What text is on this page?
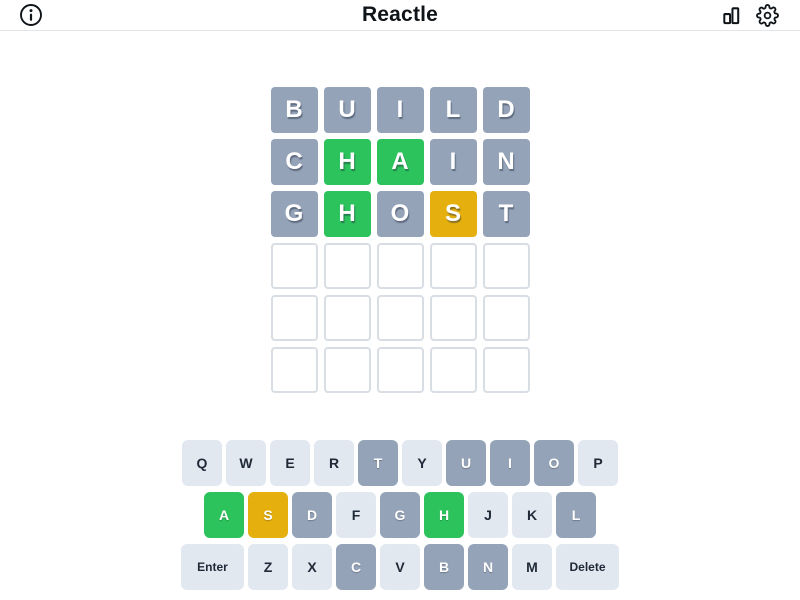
Reactle
B	U	I	L	D
C	H	A	I	N
G	H	O	S	T
Q	W	E	R	T	Y	U	I	O	P
A	S	D	F	G	H	J	K	L
Enter	Z	X	C	V	B	N	M	Delete
